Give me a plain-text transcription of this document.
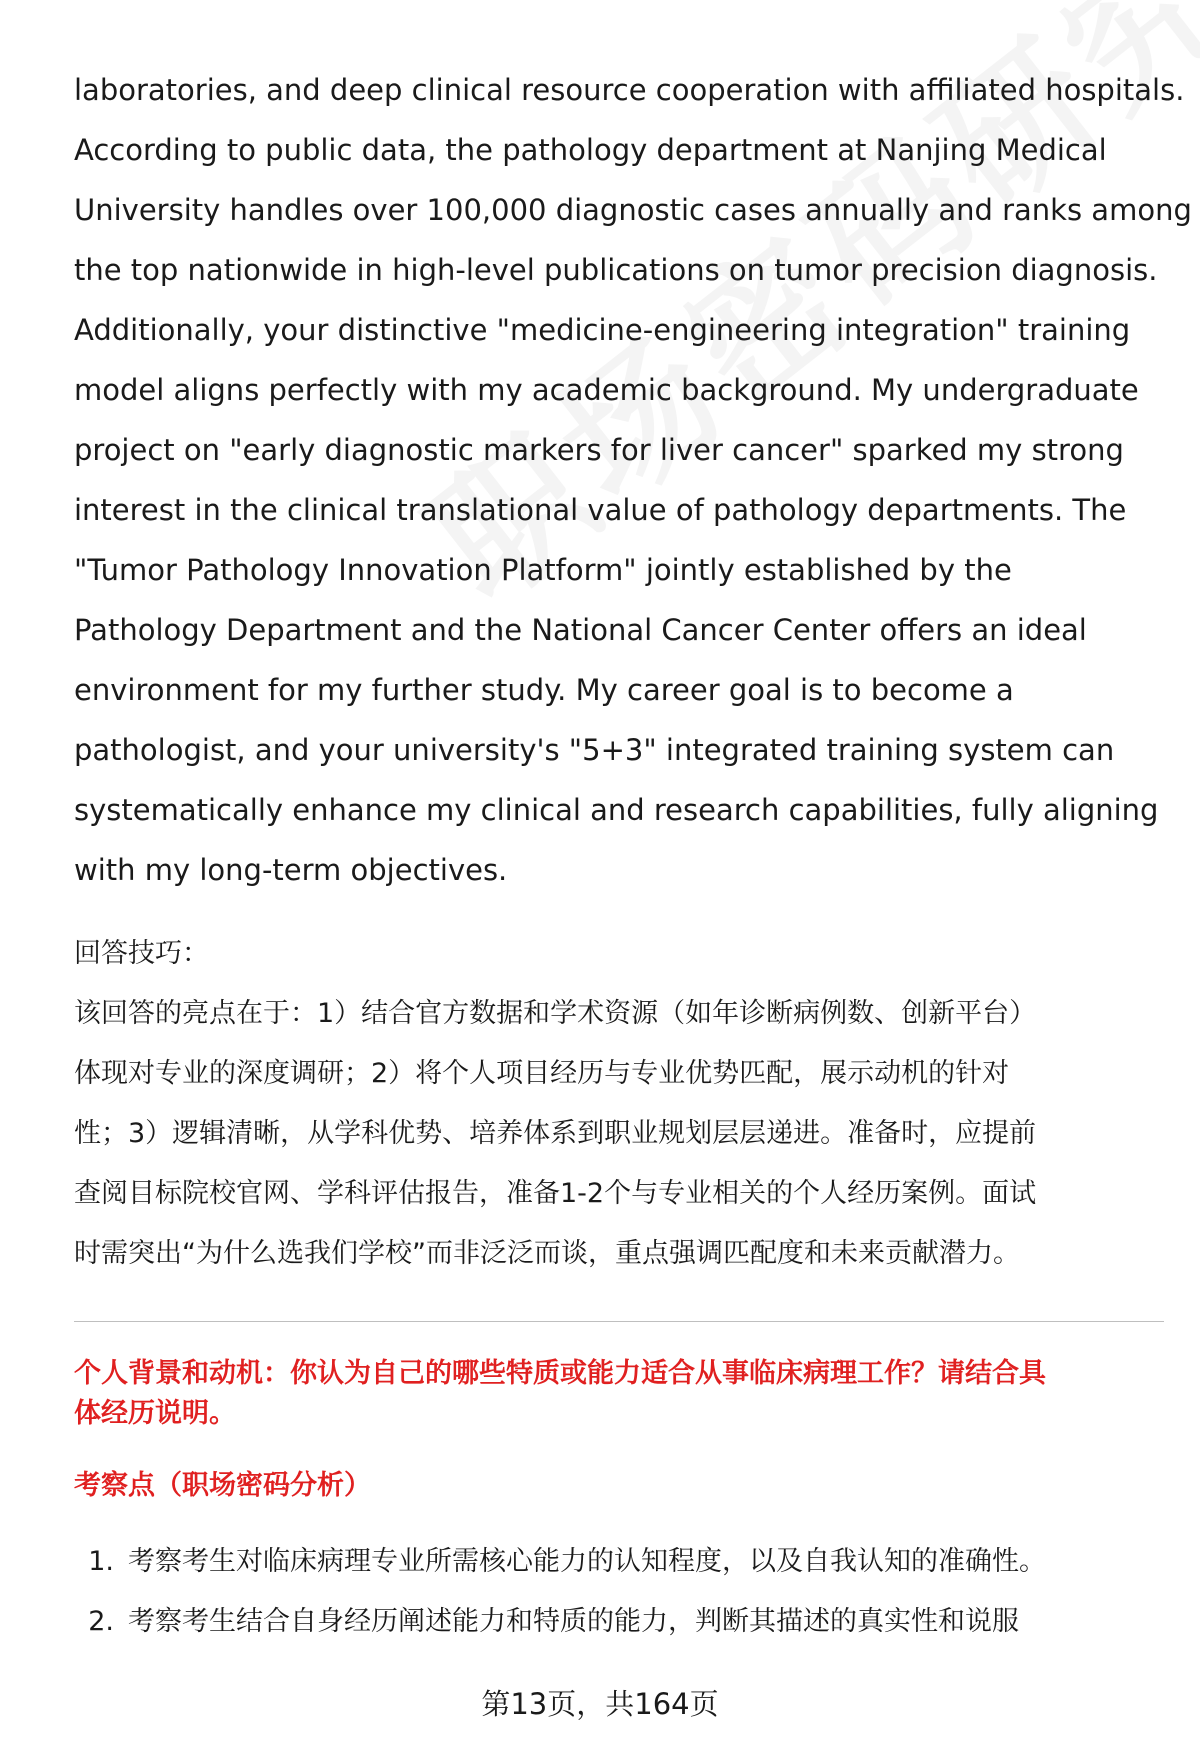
laboratories, and deep clinical resource cooperation with affiliated hospitals.
According to public data, the pathology department at Nanjing Medical
University handles over 100,000 diagnostic cases annually and ranks among
the top nationwide in high-level publications on tumor precision diagnosis.
Additionally, your distinctive "medicine-engineering integration" training
model aligns perfectly with my academic background. My undergraduate
project on "early diagnostic markers for liver cancer" sparked my strong
interest in the clinical translational value of pathology departments. The
"Tumor Pathology Innovation Platform" jointly established by the
Pathology Department and the National Cancer Center offers an ideal
environment for my further study. My career goal is to become a
pathologist, and your university's "5+3" integrated training system can
systematically enhance my clinical and research capabilities, fully aligning
with my long-term objectives.
回答技巧：
该回答的亮点在于：1）结合官方数据和学术资源（如年诊断病例数、创新平台）
体现对专业的深度调研；2）将个人项目经历与专业优势匹配，展示动机的针对
性；3）逻辑清晰，从学科优势、培养体系到职业规划层层递进。准备时，应提前
查阅目标院校官网、学科评估报告，准备1-2个与专业相关的个人经历案例。面试
时需突出“为什么选我们学校”而非泛泛而谈，重点强调匹配度和未来贡献潜力。
个人背景和动机：你认为自己的哪些特质或能力适合从事临床病理工作？请结合具
体经历说明。
考察点（职场密码分析）
1. 考察考生对临床病理专业所需核心能力的认知程度，以及自我认知的准确性。
2. 考察考生结合自身经历阐述能力和特质的能力，判断其描述的真实性和说服
第13页，共164页
